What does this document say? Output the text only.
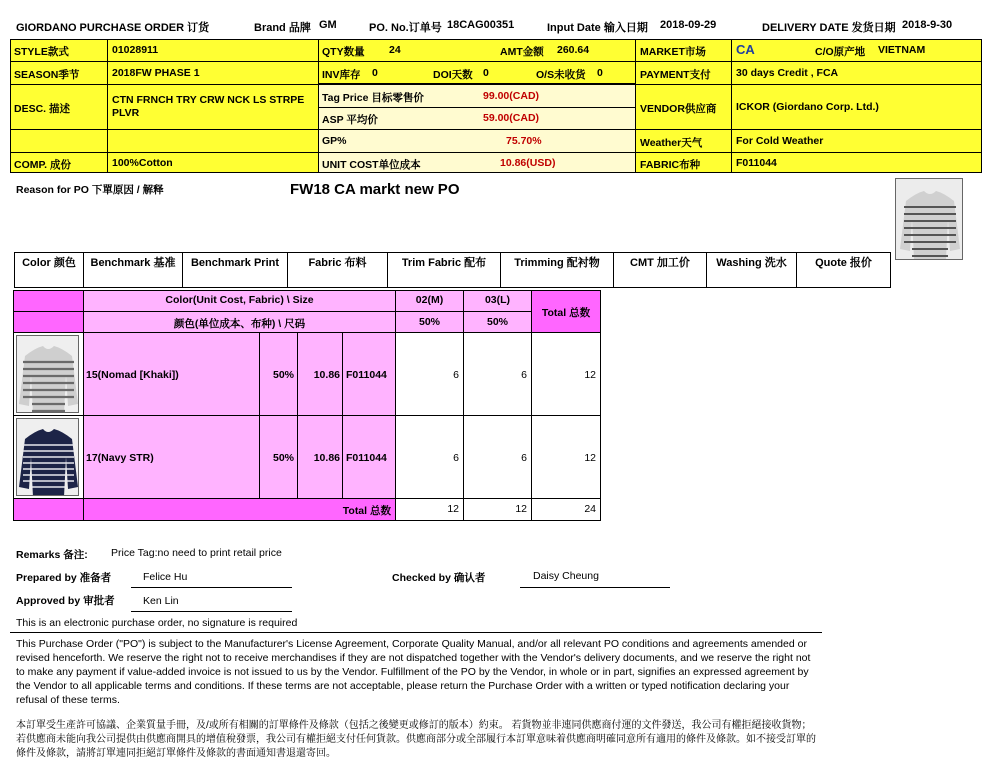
GIORDANO PURCHASE ORDER 订货	Brand 品牌 GM	PO. No.订单号 18CAG00351	Input Date 输入日期 2018-09-29	DELIVERY DATE 发货日期 2018-9-30
STYLE款式	01028911	QTY数量 24	AMT金额 260.64	MARKET市场 CA	C/O原产地 VIETNAM
SEASON季节	2018FW PHASE 1	INV库存 0	DOI天数 0	O/S未收货 0	PAYMENT支付 30 days Credit , FCA
DESC. 描述
CTN FRNCH TRY CRW NCK LS STRPE
PLVR
Tag Price 目标零售价	99.00(CAD)
ASP 平均价	59.00(CAD)
VENDOR供应商 ICKOR (Giordano Corp. Ltd.)
GP%	75.70%	Weather天气	For Cold Weather
COMP. 成份	100%Cotton	UNIT COST单位成本	10.86(USD)	FABRIC布种	F011044
Reason for PO 下單原因 / 解释	FW18 CA markt new PO
Color 颜色	Benchmark 基准	Benchmark Print	Fabric 布料	Trim Fabric 配布	Trimming 配衬物	CMT 加工价	Washing 洗水	Quote 报价
Color(Unit Cost, Fabric) \ Size
颜色(单位成本、布种) \ 尺码
02(M)	03(L)
50%	50%
Total 总数
15(Nomad [Khaki])	50%	10.86 F011044	6	6	12
17(Navy STR)	50%	10.86 F011044	6	6	12
Total 总数	12	12	24
Remarks 备注: Price Tag:no need to print retail price
Prepared by 准备者	Felice Hu	Checked by 确认者	Daisy Cheung
Approved by 审批者	Ken Lin
This is an electronic purchase order, no signature is required
This Purchase Order ("PO") is subject to the Manufacturer's License Agreement, Corporate Quality Manual, and/or all relevant PO conditions and agreements amended or revised henceforth. We reserve the right not to receive merchandises if they are not dispatched together with the Vendor's delivery documents, and we reserve the right not to make any payment if value-added invoice is not issued to us by the Vendor. Fulfillment of the PO by the Vendor, in whole or in part, signifies an expressed agreement by the Vendor to all applicable terms and conditions. If these terms are not acceptable, please return the Purchase Order with a written or typed notification declaring your refusal of these terms.
本訂單受生產許可協議、企業質量手冊，及/或所有相關的訂單條件及條款（包括之後變更或修訂的版本）約束。 若貨物並非連同供應商付運的文件發送，我公司有權拒絕接收貨物；若供應商未能向我公司提供由供應商開具的增值稅發票，我公司有權拒絕支付任何貨款。供應商部分或全部履行本訂單意味着供應商明確同意所有適用的條件及條款。如不接受訂單的條件及條款，請將訂單連同拒絕訂單條件及條款的書面通知書退還寄回。
